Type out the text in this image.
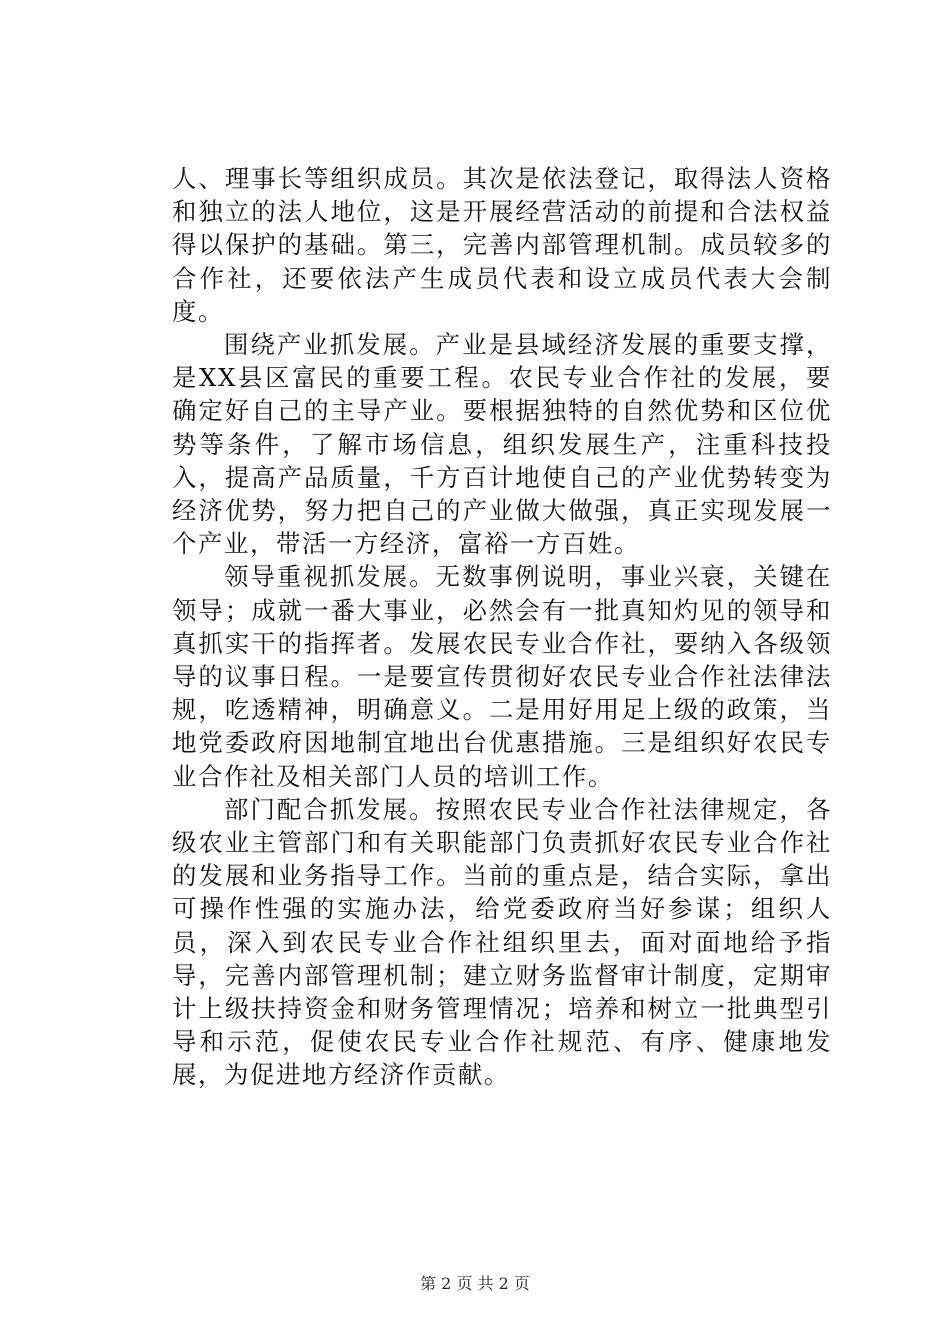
人、理事长等组织成员。其次是依法登记，取得法人资格和独立的法人地位，这是开展经营活动的前提和合法权益得以保护的基础。第三，完善内部管理机制。成员较多的合作社，还要依法产生成员代表和设立成员代表大会制度。

围绕产业抓发展。产业是县域经济发展的重要支撑，是XX县区富民的重要工程。农民专业合作社的发展，要确定好自己的主导产业。要根据独特的自然优势和区位优势等条件，了解市场信息，组织发展生产，注重科技投入，提高产品质量，千方百计地使自己的产业优势转变为经济优势，努力把自己的产业做大做强，真正实现发展一个产业，带活一方经济，富裕一方百姓。

领导重视抓发展。无数事例说明，事业兴衰，关键在领导；成就一番大事业，必然会有一批真知灼见的领导和真抓实干的指挥者。发展农民专业合作社，要纳入各级领导的议事日程。一是要宣传贯彻好农民专业合作社法律法规，吃透精神，明确意义。二是用好用足上级的政策，当地党委政府因地制宜地出台优惠措施。三是组织好农民专业合作社及相关部门人员的培训工作。

部门配合抓发展。按照农民专业合作社法律规定，各级农业主管部门和有关职能部门负责抓好农民专业合作社的发展和业务指导工作。当前的重点是，结合实际，拿出可操作性强的实施办法，给党委政府当好参谋；组织人员，深入到农民专业合作社组织里去，面对面地给予指导，完善内部管理机制；建立财务监督审计制度，定期审计上级扶持资金和财务管理情况；培养和树立一批典型引导和示范，促使农民专业合作社规范、有序、健康地发展，为促进地方经济作贡献。

第 2 页 共 2 页
